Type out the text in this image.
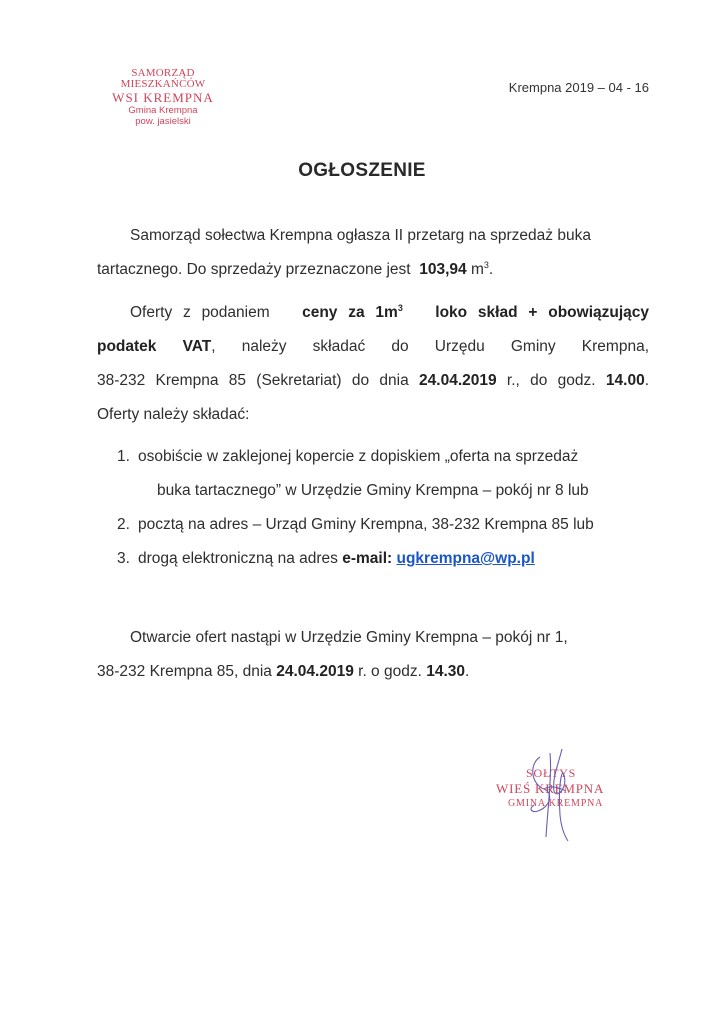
SAMORZĄD MIESZKAŃCÓW
WSI KREMPNA
Gmina Krempna
pow. jasielski
Krempna 2019 – 04 - 16
OGŁOSZENIE
Samorząd sołectwa Krempna ogłasza II przetarg na sprzedaż buka
tartacznego. Do sprzedaży przeznaczone jest 103,94 $m^3$.
Oferty z podaniem ceny za $1m^3$ loko skład + obowiązujący
podatek VAT, należy składać do Urzędu Gminy Krempna,
38-232 Krempna 85 (Sekretariat) do dnia 24.04.2019 r., do godz. 14.00.
Oferty należy składać:
1. osobiście w zaklejonej kopercie z dopiskiem „oferta na sprzedaż
buka tartacznego” w Urzędzie Gminy Krempna – pokój nr 8 lub
2. pocztą na adres – Urząd Gminy Krempna, 38-232 Krempna 85 lub
3. drogą elektroniczną na adres e-mail: ugkrempna@wp.pl
Otwarcie ofert nastąpi w Urzędzie Gminy Krempna – pokój nr 1,
38-232 Krempna 85, dnia 24.04.2019 r. o godz. 14.30.
SOŁTYS
WIEŚ KREMPNA
GMINA KREMPNA
